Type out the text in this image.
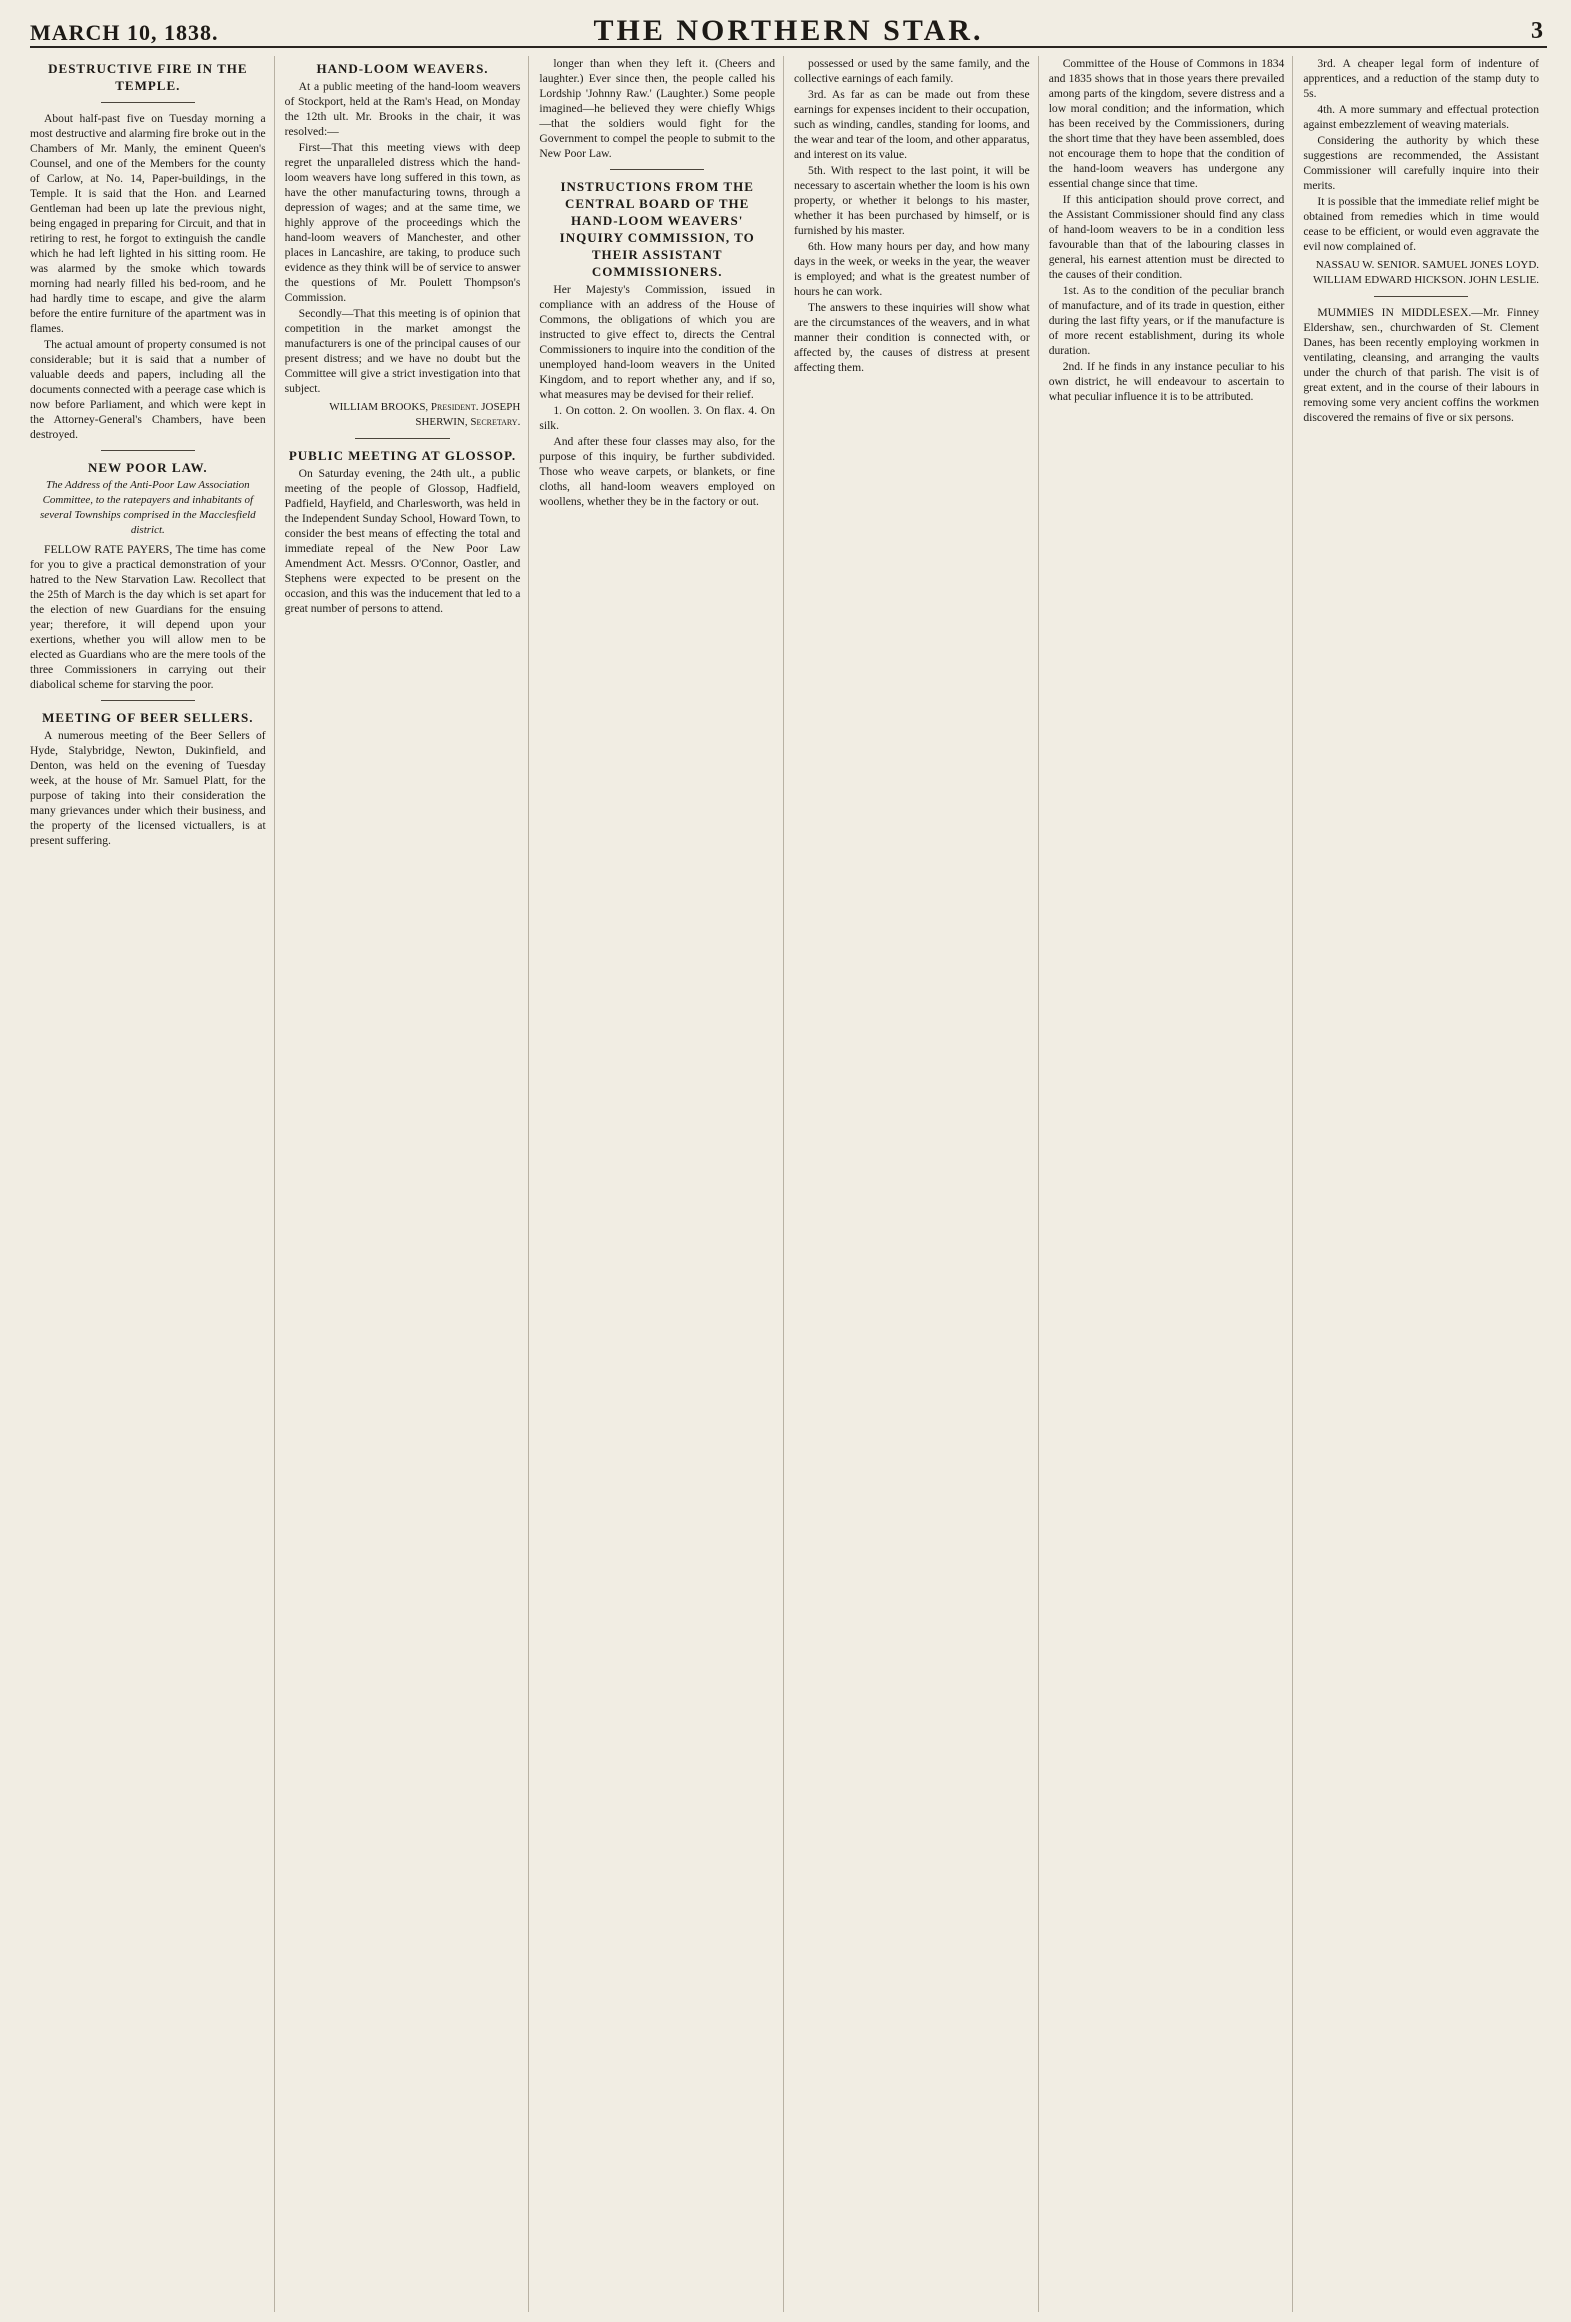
MARCH 10, 1838.	THE NORTHERN STAR.	3
DESTRUCTIVE FIRE IN THE TEMPLE.

About half-past five on Tuesday morning a most destructive and alarming fire broke out in the Chambers of Mr. Manly, the eminent Queen's Counsel, and one of the Members for the county of Carlow, at No. 14, Paper-buildings, in the Temple. It is said that the Hon. and Learned Gentleman had been up late the previous night, being engaged in preparing for Circuit, and that in retiring to rest, he forgot to extinguish the candle which he had left lighted in his sitting room. He was alarmed by the smoke which towards morning had nearly filled his bed-room, and he had hardly time to escape, and give the alarm before the entire furniture of the apartment was in flames.

The actual amount of property consumed is not considerable; but it is said that a number of valuable deeds and papers, including all the documents connected with a peerage case which is now before Parliament, and which were kept in the Attorney-General's Chambers, have been destroyed.

NEW POOR LAW.
The Address of the Anti-Poor Law Association Committee, to the ratepayers and inhabitants of several Townships comprised in the Macclesfield district.

FELLOW RATE PAYERS, The time has come for you to give a practical demonstration of your hatred to the New Starvation Law. Recollect that the 25th of March is the day which is set apart for the election of new Guardians for the ensuing year; therefore, it will depend upon your exertions, whether you will allow men to be elected as Guardians who are the mere tools of the three Commissioners in carrying out their diabolical scheme for starving the poor.

MEETING OF BEER SELLERS.

A numerous meeting of the Beer Sellers of Hyde, Stalybridge, Newton, Dukinfield, and Denton, was held on the evening of Tuesday week, at the house of Mr. Samuel Platt, for the purpose of taking into their consideration the many grievances under which their business, and the property of the licensed victuallers, is at present suffering.

HAND-LOOM WEAVERS.

At a public meeting of the hand-loom weavers of Stockport, held at the Ram's Head, on Monday the 12th ult. Mr. Brooks in the chair, it was resolved:—

First—That this meeting views with deep regret the unparalleled distress which the hand-loom weavers have long suffered in this town, as have the other manufacturing towns, through a depression of wages; and at the same time, we highly approve of the proceedings which the hand-loom weavers of Manchester, and other places in Lancashire, are taking, to produce such evidence as they think will be of service to answer the questions of Mr. Poulett Thompson's Commission.

Secondly—That this meeting is of opinion that competition in the market amongst the manufacturers is one of the principal causes of our present distress; and we have no doubt but the Committee will give a strict investigation into that subject.

WILLIAM BROOKS, President. JOSEPH SHERWIN, Secretary.
PUBLIC MEETING AT GLOSSOP.

On Saturday evening, the 24th ult., a public meeting of the people of Glossop, Hadfield, Padfield, Hayfield, and Charlesworth, was held in the Independent Sunday School, Howard Town, to consider the best means of effecting the total and immediate repeal of the New Poor Law Amendment Act. Messrs. O'Connor, Oastler, and Stephens were expected to be present on the occasion, and this was the inducement that led to a great number of persons to attend.

longer than when they left it. (Cheers and laughter.) Ever since then, the people called his Lordship 'Johnny Raw.' (Laughter.) Some people imagined—he believed they were chiefly Whigs—that the soldiers would fight for the Government to compel the people to submit to the New Poor Law.

INSTRUCTIONS FROM THE CENTRAL BOARD OF THE HAND-LOOM WEAVERS' INQUIRY COMMISSION, TO THEIR ASSISTANT COMMISSIONERS.

Her Majesty's Commission, issued in compliance with an address of the House of Commons, the obligations of which you are instructed to give effect to, directs the Central Commissioners to inquire into the condition of the unemployed hand-loom weavers in the United Kingdom, and to report whether any, and if so, what measures may be devised for their relief.

1. On cotton. 2. On woollen. 3. On flax. 4. On silk.

And after these four classes may also, for the purpose of this inquiry, be further subdivided. Those who weave carpets, or blankets, or fine cloths, all hand-loom weavers employed on woollens, whether they be in the factory or out.

possessed or used by the same family, and the collective earnings of each family.

3rd. As far as can be made out from these earnings for expenses incident to their occupation, such as winding, candles, standing for looms, and the wear and tear of the loom, and other apparatus, and interest on its value.

5th. With respect to the last point, it will be necessary to ascertain whether the loom is his own property, or whether it belongs to his master, whether it has been purchased by himself, or is furnished by his master.

6th. How many hours per day, and how many days in the week, or weeks in the year, the weaver is employed; and what is the greatest number of hours he can work.

The answers to these inquiries will show what are the circumstances of the weavers, and in what manner their condition is connected with, or affected by, the causes of distress at present affecting them.

Committee of the House of Commons in 1834 and 1835 shows that in those years there prevailed among parts of the kingdom, severe distress and a low moral condition; and the information, which has been received by the Commissioners, during the short time that they have been assembled, does not encourage them to hope that the condition of the hand-loom weavers has undergone any essential change since that time.

If this anticipation should prove correct, and the Assistant Commissioner should find any class of hand-loom weavers to be in a condition less favourable than that of the labouring classes in general, his earnest attention must be directed to the causes of their condition.

1st. As to the condition of the peculiar branch of manufacture, and of its trade in question, either during the last fifty years, or if the manufacture is of more recent establishment, during its whole duration.

2nd. If he finds in any instance peculiar to his own district, he will endeavour to ascertain to what peculiar influence it is to be attributed.

3rd. A cheaper legal form of indenture of apprentices, and a reduction of the stamp duty to 5s.

4th. A more summary and effectual protection against embezzlement of weaving materials.

Considering the authority by which these suggestions are recommended, the Assistant Commissioner will carefully inquire into their merits.

It is possible that the immediate relief might be obtained from remedies which in time would cease to be efficient, or would even aggravate the evil now complained of.

NASSAU W. SENIOR. SAMUEL JONES LOYD. WILLIAM EDWARD HICKSON. JOHN LESLIE.

MUMMIES IN MIDDLESEX.—Mr. Finney Eldershaw, sen., churchwarden of St. Clement Danes, has been recently employing workmen in ventilating, cleansing, and arranging the vaults under the church of that parish. The visit is of great extent, and in the course of their labours in removing some very ancient coffins the workmen discovered the remains of five or six persons.
